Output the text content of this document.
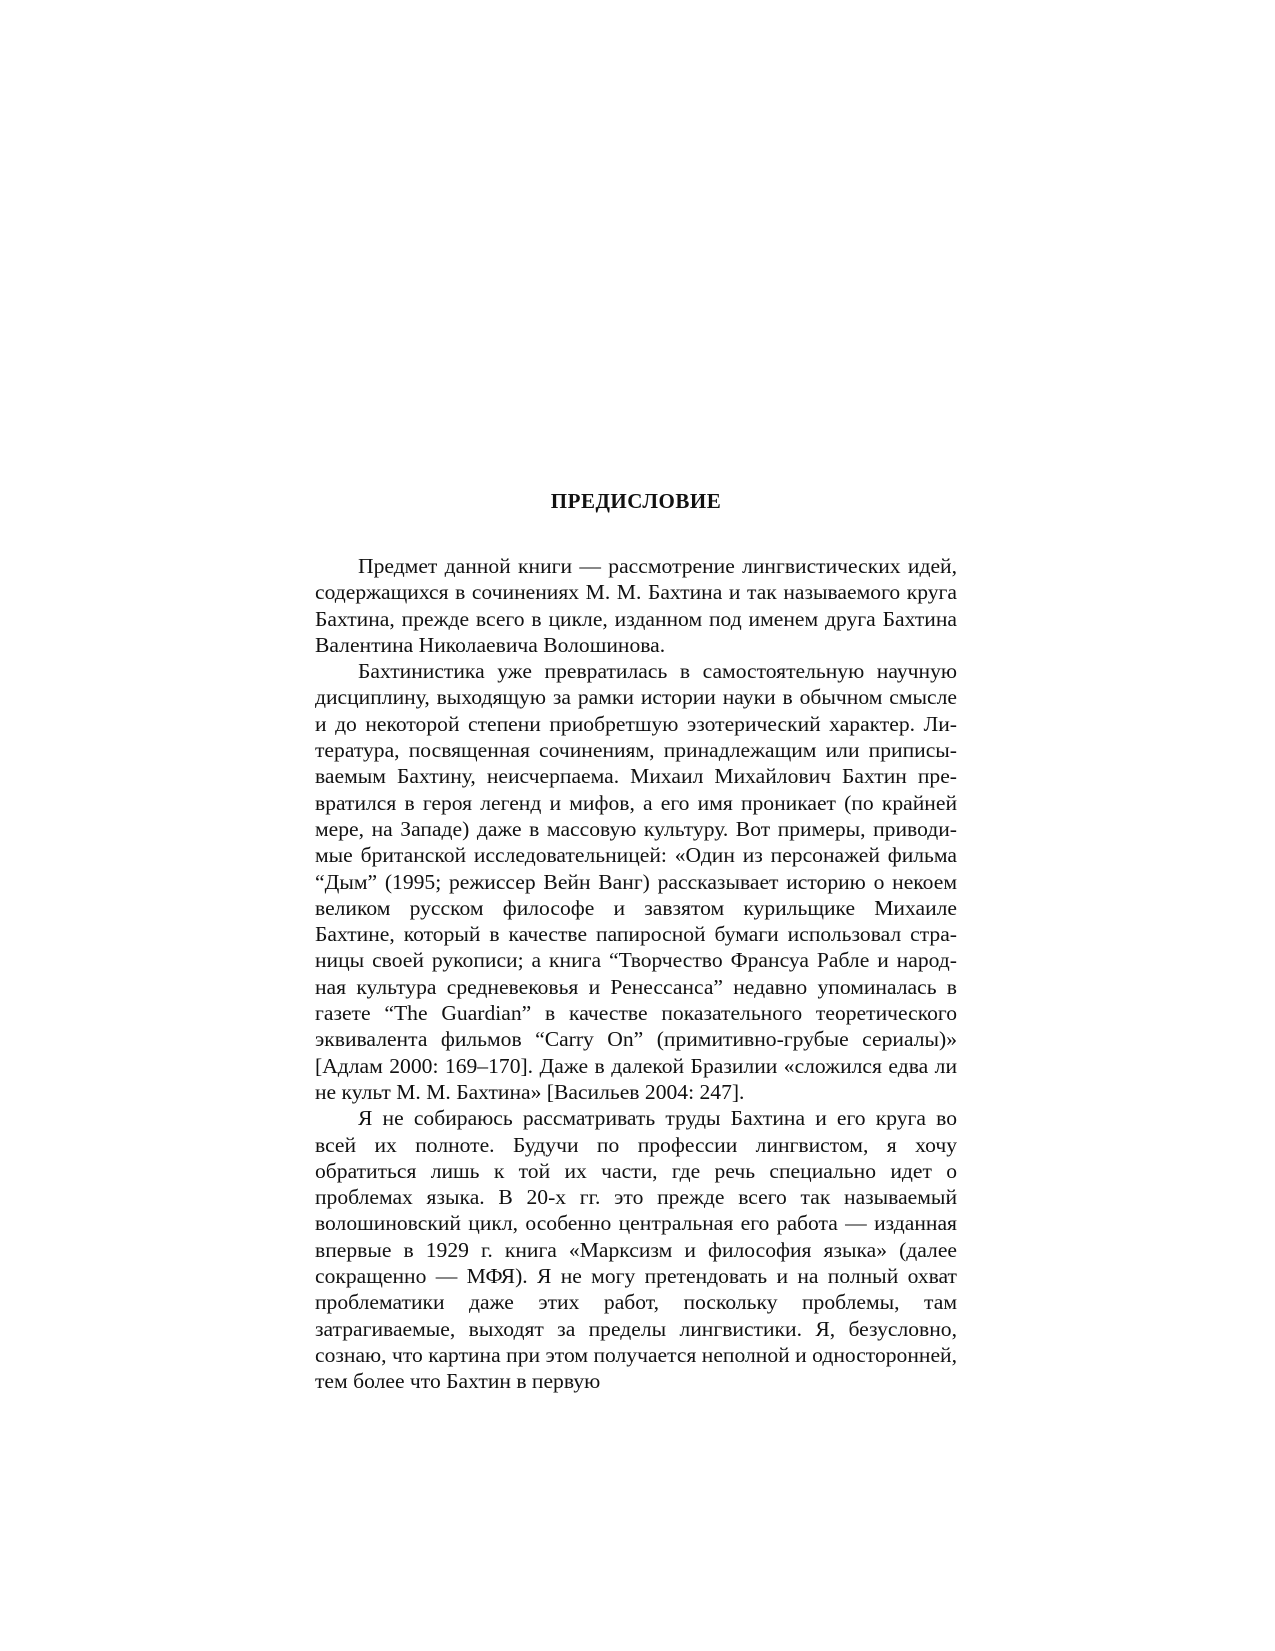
ПРЕДИСЛОВИЕ

Предмет данной книги — рассмотрение лингвистических идей, содержащихся в сочинениях М. М. Бахтина и так называемого круга Бахтина, прежде всего в цикле, изданном под именем друга Бахтина Валентина Николаевича Волошинова.

Бахтинистика уже превратилась в самостоятельную научную дисциплину, выходящую за рамки истории науки в обычном смысле и до некоторой степени приобретшую эзотерический характер. Литература, посвященная сочинениям, принадлежащим или приписываемым Бахтину, неисчерпаема. Михаил Михайлович Бахтин превратился в героя легенд и мифов, а его имя проникает (по крайней мере, на Западе) даже в массовую культуру. Вот примеры, приводимые британской исследовательницей: «Один из персонажей фильма “Дым” (1995; режиссер Вейн Ванг) рассказывает историю о некоем великом русском философе и завзятом курильщике Михаиле Бахтине, который в качестве папиросной бумаги использовал страницы своей рукописи; а книга “Творчество Франсуа Рабле и народная культура средневековья и Ренессанса” недавно упоминалась в газете “The Guardian” в качестве показательного теоретического эквивалента фильмов “Carry On” (примитивно-грубые сериалы)» [Адлам 2000: 169–170]. Даже в далекой Бразилии «сложился едва ли не культ М. М. Бахтина» [Васильев 2004: 247].

Я не собираюсь рассматривать труды Бахтина и его круга во всей их полноте. Будучи по профессии лингвистом, я хочу обратиться лишь к той их части, где речь специально идет о проблемах языка. В 20-х гг. это прежде всего так называемый волошиновский цикл, особенно центральная его работа — изданная впервые в 1929 г. книга «Марксизм и философия языка» (далее сокращенно — МФЯ). Я не могу претендовать и на полный охват проблематики даже этих работ, поскольку проблемы, там затрагиваемые, выходят за пределы лингвистики. Я, безусловно, сознаю, что картина при этом получается неполной и односторонней, тем более что Бахтин в первую
